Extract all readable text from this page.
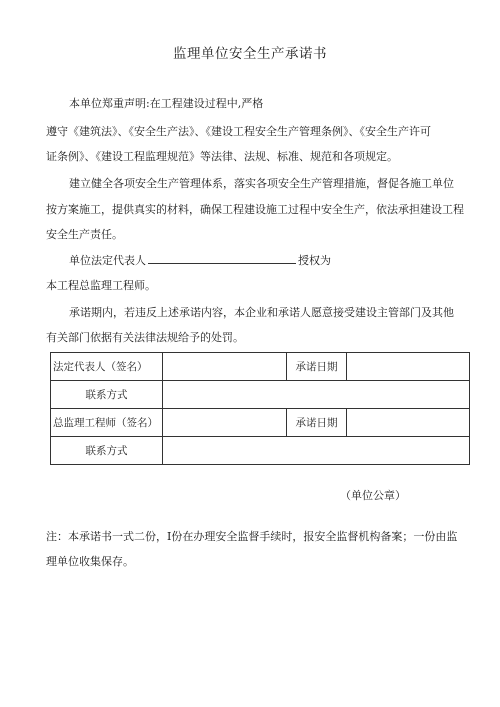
监理单位安全生产承诺书
本单位郑重声明:在工程建设过程中,严格
遵守《建筑法》、《安全生产法》、《建设工程安全生产管理条例》、《安全生产许可
证条例》、《建设工程监理规范》等法律、法规、标准、规范和各项规定。
建立健全各项安全生产管理体系，落实各项安全生产管理措施，督促各施工单位
按方案施工，提供真实的材料，确保工程建设施工过程中安全生产，依法承担建设工程
安全生产责任。
单位法定代表人	授权为
本工程总监理工程师。
承诺期内，若违反上述承诺内容，本企业和承诺人愿意接受建设主管部门及其他
有关部门依据有关法律法规给予的处罚。
法定代表人（签名）		承诺日期	
联系方式			
总监理工程师（签名）		承诺日期	
联系方式			
（单位公章）
注：本承诺书一式二份，I份在办理安全监督手续时，报安全监督机构备案；一份由监
理单位收集保存。
